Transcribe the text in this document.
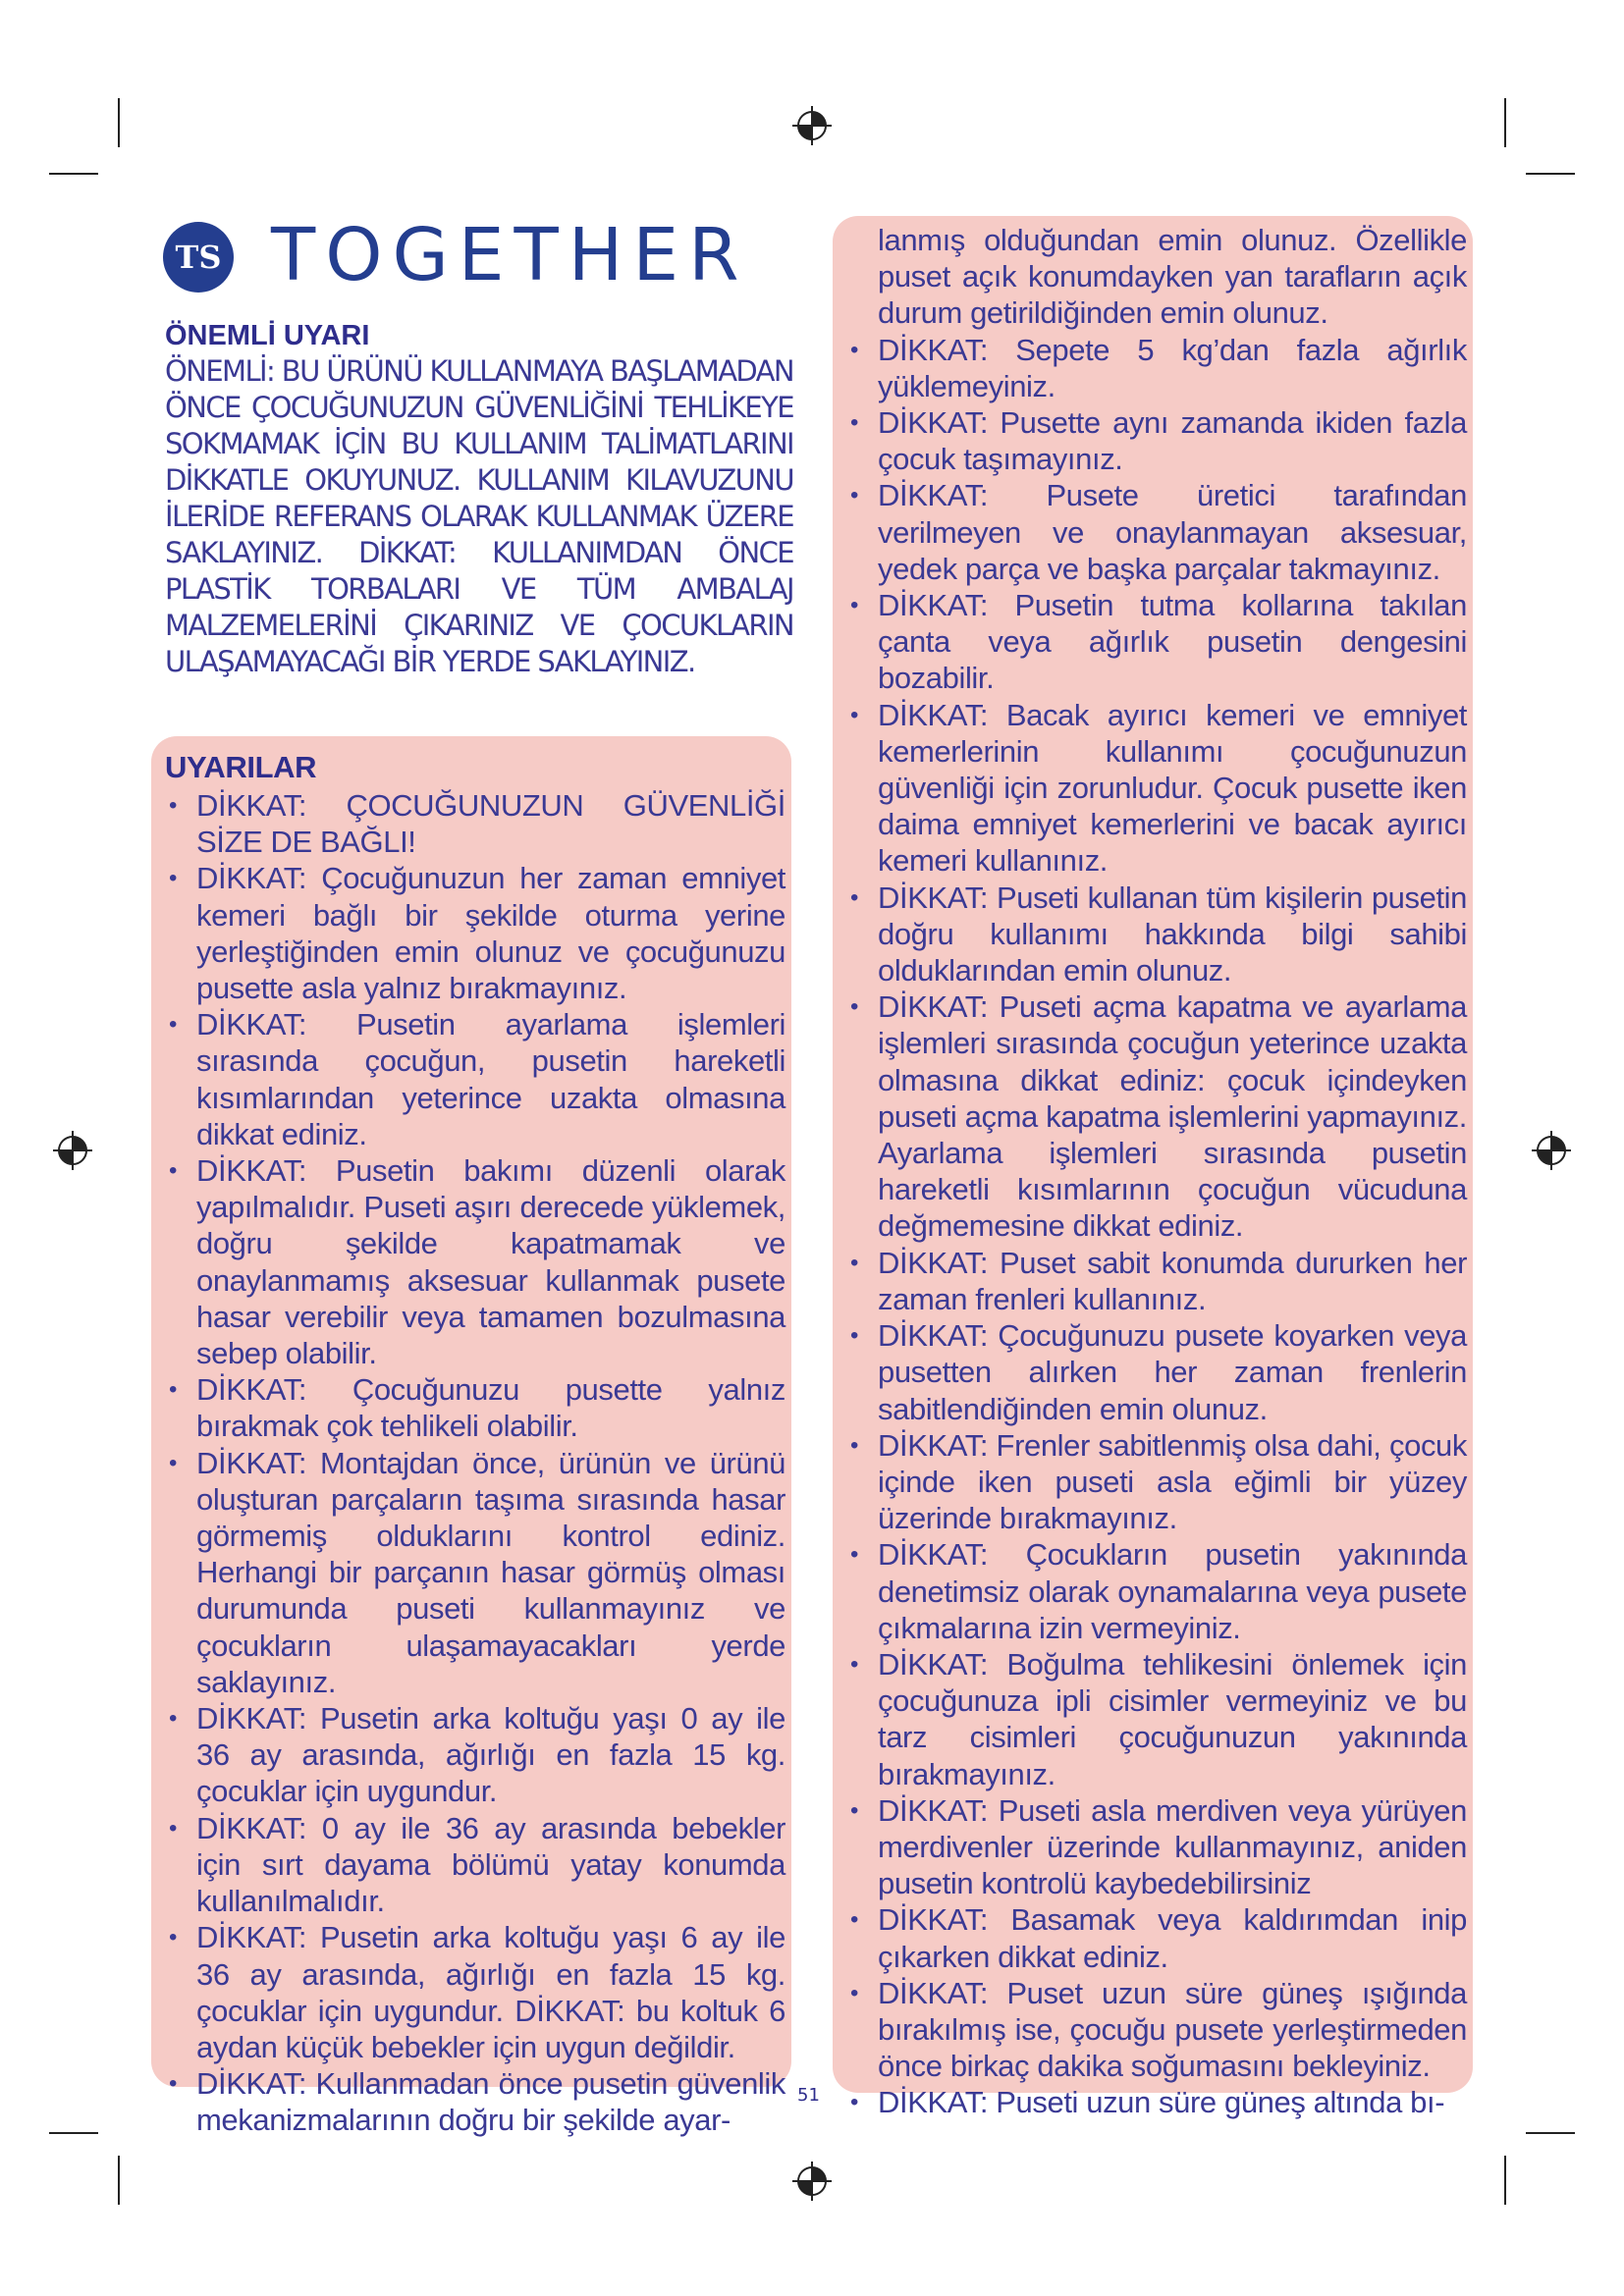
TS TOGETHER
ÖNEMLİ UYARI
ÖNEMLİ: BU ÜRÜNÜ KULLANMAYA BAŞLAMADAN ÖNCE ÇOCUĞUNUZUN GÜVENLİĞİNİ TEHLİKEYE SOKMAMAK İÇİN BU KULLANIM TALİMATLARINI DİKKATLE OKUYUNUZ. KULLANIM KILAVUZUNU İLERİDE REFERANS OLARAK KULLANMAK ÜZERE SAKLAYINIZ. DİKKAT: KULLANIMDAN ÖNCE PLASTİK TORBALARI VE TÜM AMBALAJ MALZEMELERİNİ ÇIKARINIZ VE ÇOCUKLARIN ULAŞAMAYACAĞI BİR YERDE SAKLAYINIZ.
UYARILAR
• DİKKAT: ÇOCUĞUNUZUN GÜVENLİĞİ SİZE DE BAĞLI!
• DİKKAT: Çocuğunuzun her zaman emniyet kemeri bağlı bir şekilde oturma yerine yerleştiğinden emin olunuz ve çocuğunuzu pusette asla yalnız bırakmayınız.
• DİKKAT: Pusetin ayarlama işlemleri sırasında çocuğun, pusetin hareketli kısımlarından yeterince uzakta olmasına dikkat ediniz.
• DİKKAT: Pusetin bakımı düzenli olarak yapılmalıdır. Puseti aşırı derecede yüklemek, doğru şekilde kapatmamak ve onaylanmamış aksesuar kullanmak pusete hasar verebilir veya tamamen bozulmasına sebep olabilir.
• DİKKAT: Çocuğunuzu pusette yalnız bırakmak çok tehlikeli olabilir.
• DİKKAT: Montajdan önce, ürünün ve ürünü oluşturan parçaların taşıma sırasında hasar görmemiş olduklarını kontrol ediniz. Herhangi bir parçanın hasar görmüş olması durumunda puseti kullanmayınız ve çocukların ulaşamayacakları yerde saklayınız.
• DİKKAT: Pusetin arka koltuğu yaşı 0 ay ile 36 ay arasında, ağırlığı en fazla 15 kg. çocuklar için uygundur.
• DİKKAT: 0 ay ile 36 ay arasında bebekler için sırt dayama bölümü yatay konumda kullanılmalıdır.
• DİKKAT: Pusetin arka koltuğu yaşı 6 ay ile 36 ay arasında, ağırlığı en fazla 15 kg. çocuklar için uygundur. DİKKAT: bu koltuk 6 aydan küçük bebekler için uygun değildir.
• DİKKAT: Kullanmadan önce pusetin güvenlik mekanizmalarının doğru bir şekilde ayar-
lanmış olduğundan emin olunuz. Özellikle puset açık konumdayken yan tarafların açık durum getirildiğinden emin olunuz.
• DİKKAT: Sepete 5 kg’dan fazla ağırlık yüklemeyiniz.
• DİKKAT: Pusette aynı zamanda ikiden fazla çocuk taşımayınız.
• DİKKAT: Pusete üretici tarafından verilmeyen ve onaylanmayan aksesuar, yedek parça ve başka parçalar takmayınız.
• DİKKAT: Pusetin tutma kollarına takılan çanta veya ağırlık pusetin dengesini bozabilir.
• DİKKAT: Bacak ayırıcı kemeri ve emniyet kemerlerinin kullanımı çocuğunuzun güvenliği için zorunludur. Çocuk pusette iken daima emniyet kemerlerini ve bacak ayırıcı kemeri kullanınız.
• DİKKAT: Puseti kullanan tüm kişilerin pusetin doğru kullanımı hakkında bilgi sahibi olduklarından emin olunuz.
• DİKKAT: Puseti açma kapatma ve ayarlama işlemleri sırasında çocuğun yeterince uzakta olmasına dikkat ediniz: çocuk içindeyken puseti açma kapatma işlemlerini yapmayınız. Ayarlama işlemleri sırasında pusetin hareketli kısımlarının çocuğun vücuduna değmemesine dikkat ediniz.
• DİKKAT: Puset sabit konumda dururken her zaman frenleri kullanınız.
• DİKKAT: Çocuğunuzu pusete koyarken veya pusetten alırken her zaman frenlerin sabitlendiğinden emin olunuz.
• DİKKAT: Frenler sabitlenmiş olsa dahi, çocuk içinde iken puseti asla eğimli bir yüzey üzerinde bırakmayınız.
• DİKKAT: Çocukların pusetin yakınında denetimsiz olarak oynamalarına veya pusete çıkmalarına izin vermeyiniz.
• DİKKAT: Boğulma tehlikesini önlemek için çocuğunuza ipli cisimler vermeyiniz ve bu tarz cisimleri çocuğunuzun yakınında bırakmayınız.
• DİKKAT: Puseti asla merdiven veya yürüyen merdivenler üzerinde kullanmayınız, aniden pusetin kontrolü kaybedebilirsiniz
• DİKKAT: Basamak veya kaldırımdan inip çıkarken dikkat ediniz.
• DİKKAT: Puset uzun süre güneş ışığında bırakılmış ise, çocuğu pusete yerleştirmeden önce birkaç dakika soğumasını bekleyiniz.
• DİKKAT: Puseti uzun süre güneş altında bı-
51
